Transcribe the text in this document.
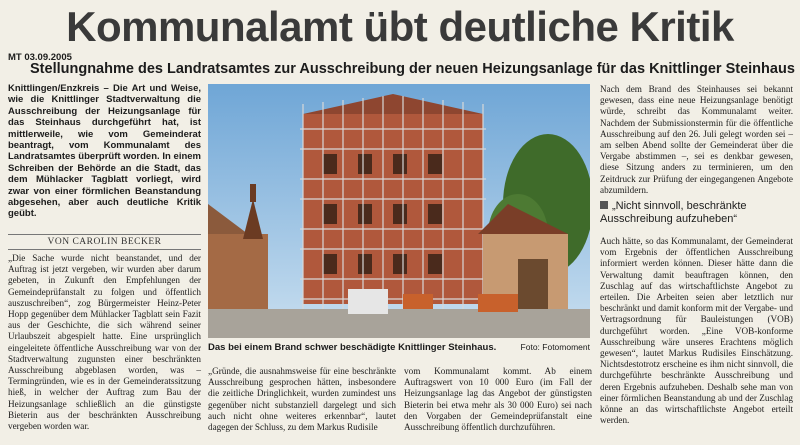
Kommunalamt übt deutliche Kritik
MT 03.09.2005
Stellungnahme des Landratsamtes zur Ausschreibung der neuen Heizungsanlage für das Knittlinger Steinhaus
Knittlingen/Enzkreis – Die Art und Weise, wie die Knittlinger Stadtverwaltung die Ausschreibung der Heizungsanlage für das Steinhaus durchgeführt hat, ist mittlerweile, wie vom Gemeinderat beantragt, vom Kommunalamt des Landratsamtes überprüft worden. In einem Schreiben der Behörde an die Stadt, das dem Mühlacker Tagblatt vorliegt, wird zwar von einer förmlichen Beanstandung abgesehen, aber auch deutliche Kritik geübt.
VON CAROLIN BECKER
„Die Sache wurde nicht beanstandet, und der Auftrag ist jetzt vergeben, wir wurden aber darum gebeten, in Zukunft den Empfehlungen der Gemeindeprüfanstalt zu folgen und öffentlich auszuschreiben“, zog Bürgermeister Heinz-Peter Hopp gegenüber dem Mühlacker Tagblatt sein Fazit aus der Geschichte, die sich während seiner Urlaubszeit abgespielt hatte. Eine ursprünglich eingeleitete öffentliche Ausschreibung war von der Stadtverwaltung zugunsten einer beschränkten Ausschreibung abgeblasen worden, was – Termingründen, wie es in der Gemeinderatssitzung hieß, in welcher der Auftrag zum Bau der Heizungsanlage schließlich an die günstigste Bieterin aus der beschränkten Ausschreibung vergeben worden war.
Das bei einem Brand schwer beschädigte Knittlinger Steinhaus.	Foto: Fotomoment
„Gründe, die ausnahmsweise für eine beschränkte Ausschreibung gesprochen hätten, insbesondere die zeitliche Dringlichkeit, wurden zumindest uns gegenüber nicht substanziell dargelegt und sich auch nicht ohne weiteres erkennbar“, lautet dagegen der Schluss, zu dem Markus Rudisile
vom Kommunalamt kommt. Ab einem Auftragswert von 10 000 Euro (im Fall der Heizungsanlage lag das Angebot der günstigsten Bieterin bei etwa mehr als 30 000 Euro) sei nach den Vorgaben der Gemeindeprüfanstalt eine Ausschreibung öffentlich durchzuführen.
Nach dem Brand des Steinhauses sei bekannt gewesen, dass eine neue Heizungsanlage benötigt würde, schreibt das Kommunalamt weiter. Nachdem der Submissionstermin für die öffentliche Ausschreibung auf den 26. Juli gelegt worden sei – am selben Abend sollte der Gemeinderat über die Vergabe abstimmen –, sei es denkbar gewesen, diese Sitzung anders zu terminieren, um den Zeitdruck zur Prüfung der eingegangenen Angebote abzumildern.
„Nicht sinnvoll, beschränkte Ausschreibung aufzuheben“
Auch hätte, so das Kommunalamt, der Gemeinderat vom Ergebnis der öffentlichen Ausschreibung informiert werden können. Dieser hätte dann die Verwaltung damit beauftragen können, den Zuschlag auf das wirtschaftlichste Angebot zu erteilen. Die Arbeiten seien aber letztlich nur beschränkt und damit konform mit der Vergabe- und Vertragsordnung für Bauleistungen (VOB) durchgeführt worden. „Eine VOB-konforme Ausschreibung wäre unseres Erachtens möglich gewesen“, lautet Markus Rudisiles Einschätzung. Nichtsdestotrotz erscheine es ihm nicht sinnvoll, die durchgeführte beschränkte Ausschreibung und deren Ergebnis aufzuheben. Deshalb sehe man von einer förmlichen Beanstandung ab und der Zuschlag könne an das wirtschaftlichste Angebot erteilt werden.
